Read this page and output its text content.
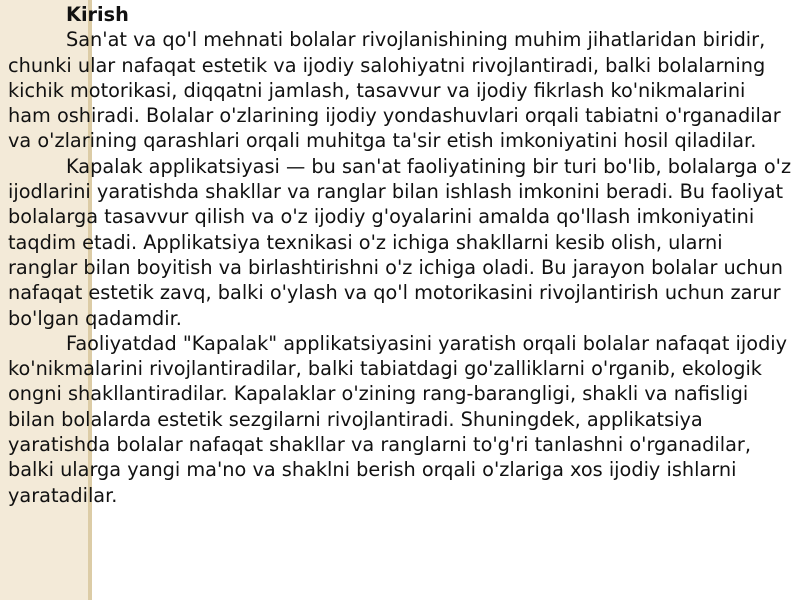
Kirish

San'at va qo'l mehnati bolalar rivojlanishining muhim jihatlaridan biridir, chunki ular nafaqat estetik va ijodiy salohiyatni rivojlantiradi, balki bolalarning kichik motorikasi, diqqatni jamlash, tasavvur va ijodiy fikrlash ko'nikmalarini ham oshiradi. Bolalar o'zlarining ijodiy yondashuvlari orqali tabiatni o'rganadilar va o'zlarining qarashlari orqali muhitga ta'sir etish imkoniyatini hosil qiladilar.

Kapalak applikatsiyasi — bu san'at faoliyatining bir turi bo'lib, bolalarga o'z ijodlarini yaratishda shakllar va ranglar bilan ishlash imkonini beradi. Bu faoliyat bolalarga tasavvur qilish va o'z ijodiy g'oyalarini amalda qo'llash imkoniyatini taqdim etadi. Applikatsiya texnikasi o'z ichiga shakllarni kesib olish, ularni ranglar bilan boyitish va birlashtirishni o'z ichiga oladi. Bu jarayon bolalar uchun nafaqat estetik zavq, balki o'ylash va qo'l motorikasini rivojlantirish uchun zarur bo'lgan qadamdir.

Faoliyatdad "Kapalak" applikatsiyasini yaratish orqali bolalar nafaqat ijodiy ko'nikmalarini rivojlantiradilar, balki tabiatdagi go'zalliklarni o'rganib, ekologik ongni shakllantiradilar. Kapalaklar o'zining rang-barangligi, shakli va nafisligi bilan bolalarda estetik sezgilarni rivojlantiradi. Shuningdek, applikatsiya yaratishda bolalar nafaqat shakllar va ranglarni to'g'ri tanlashni o'rganadilar, balki ularga yangi ma'no va shaklni berish orqali o'zlariga xos ijodiy ishlarni yaratadilar.
